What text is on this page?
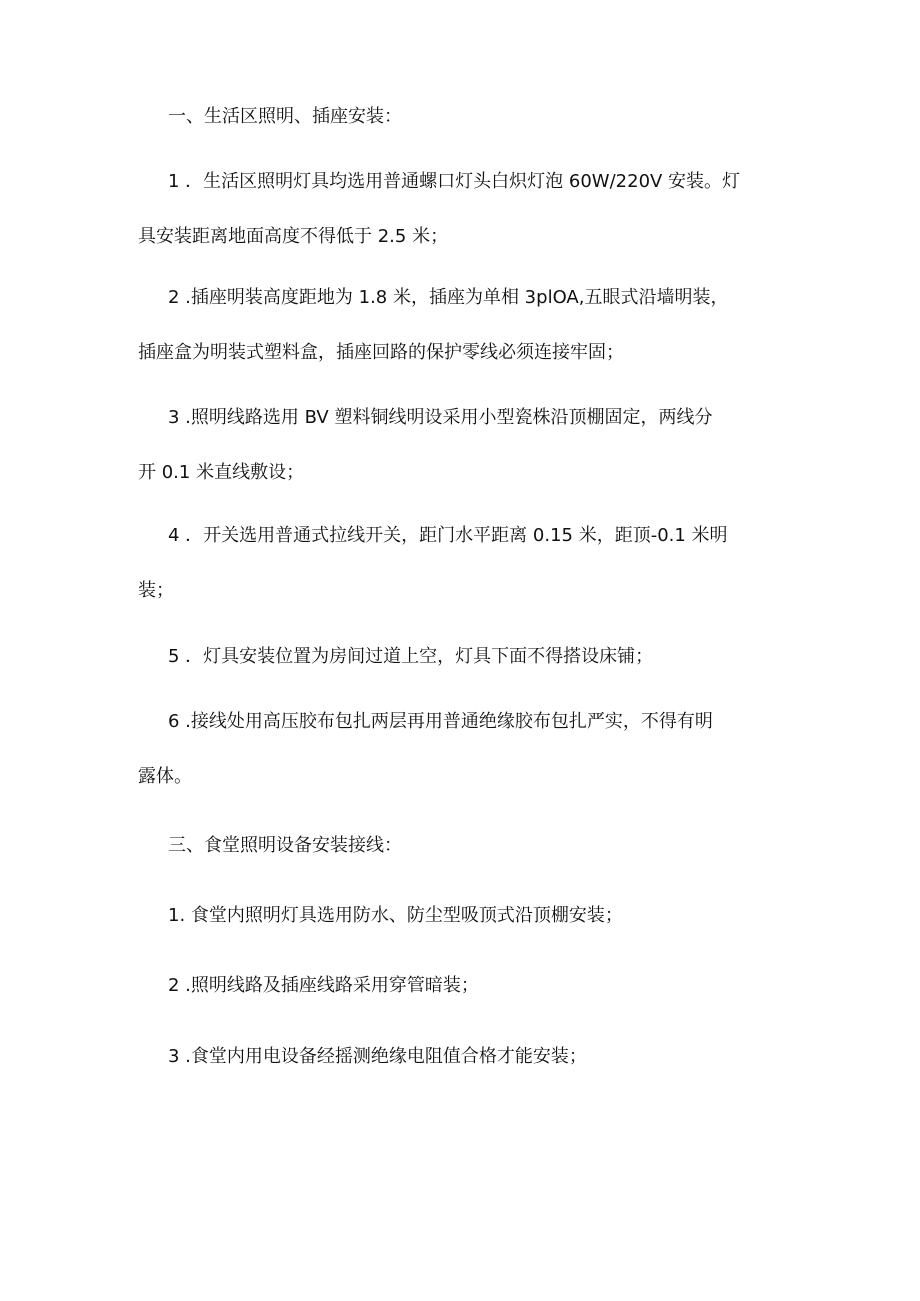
一、生活区照明、插座安装：
1 ．生活区照明灯具均选用普通螺口灯头白炽灯泡 60W/220V 安装。灯
具安装距离地面高度不得低于 2.5 米；
2 .插座明装高度距地为 1.8 米，插座为单相 3plOA,五眼式沿墙明装，
插座盒为明装式塑料盒，插座回路的保护零线必须连接牢固；
3 .照明线路选用 BV 塑料铜线明设采用小型瓷株沿顶棚固定，两线分
开 0.1 米直线敷设；
4 ．开关选用普通式拉线开关，距门水平距离 0.15 米，距顶-0.1 米明
装；
5 ．灯具安装位置为房间过道上空，灯具下面不得搭设床铺；
6 .接线处用高压胶布包扎两层再用普通绝缘胶布包扎严实，不得有明
露体。
三、食堂照明设备安装接线：
1. 食堂内照明灯具选用防水、防尘型吸顶式沿顶棚安装；
2 .照明线路及插座线路采用穿管暗装；
3 .食堂内用电设备经摇测绝缘电阻值合格才能安装；
